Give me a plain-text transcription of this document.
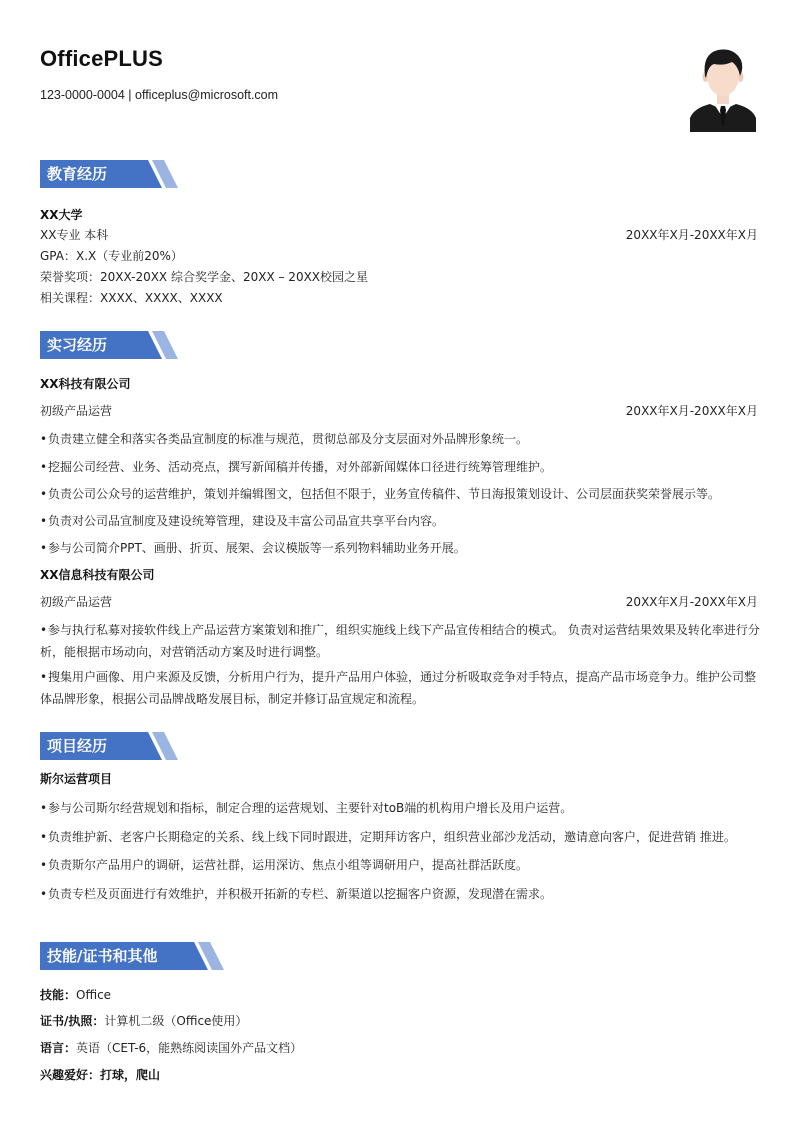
OfficePLUS
123-0000-0004 | officeplus@microsoft.com
教育经历
XX大学
XX专业 本科	20XX年X月-20XX年X月
GPA：X.X（专业前20%）
荣誉奖项：20XX-20XX 综合奖学金、20XX – 20XX校园之星
相关课程：XXXX、XXXX、XXXX
实习经历
XX科技有限公司
初级产品运营	20XX年X月-20XX年X月
•负责建立健全和落实各类品宣制度的标准与规范，贯彻总部及分支层面对外品牌形象统一。
•挖掘公司经营、业务、活动亮点，撰写新闻稿并传播，对外部新闻媒体口径进行统筹管理维护。
•负责公司公众号的运营维护，策划并编辑图文，包括但不限于，业务宣传稿件、节日海报策划设计、公司层面获奖荣誉展示等。
•负责对公司品宣制度及建设统筹管理，建设及丰富公司品宣共享平台内容。
•参与公司简介PPT、画册、折页、展架、会议模版等一系列物料辅助业务开展。
XX信息科技有限公司
初级产品运营	20XX年X月-20XX年X月
•参与执行私募对接软件线上产品运营方案策划和推广，组织实施线上线下产品宣传相结合的模式。 负责对运营结果效果及转化率进行分析，能根据市场动向，对营销活动方案及时进行调整。
•搜集用户画像、用户来源及反馈，分析用户行为，提升产品用户体验，通过分析吸取竞争对手特点，提高产品市场竞争力。维护公司整体品牌形象，根据公司品牌战略发展目标，制定并修订品宣规定和流程。
项目经历
斯尔运营项目
•参与公司斯尔经营规划和指标，制定合理的运营规划、主要针对toB端的机构用户增长及用户运营。
•负责维护新、老客户长期稳定的关系、线上线下同时跟进，定期拜访客户，组织营业部沙龙活动，邀请意向客户，促进营销 推进。
•负责斯尔产品用户的调研，运营社群，运用深访、焦点小组等调研用户，提高社群活跃度。
•负责专栏及页面进行有效维护，并积极开拓新的专栏、新渠道以挖掘客户资源，发现潜在需求。
技能/证书和其他
技能：Office
证书/执照：计算机二级（Office使用）
语言：英语（CET-6，能熟练阅读国外产品文档）
兴趣爱好：打球，爬山
